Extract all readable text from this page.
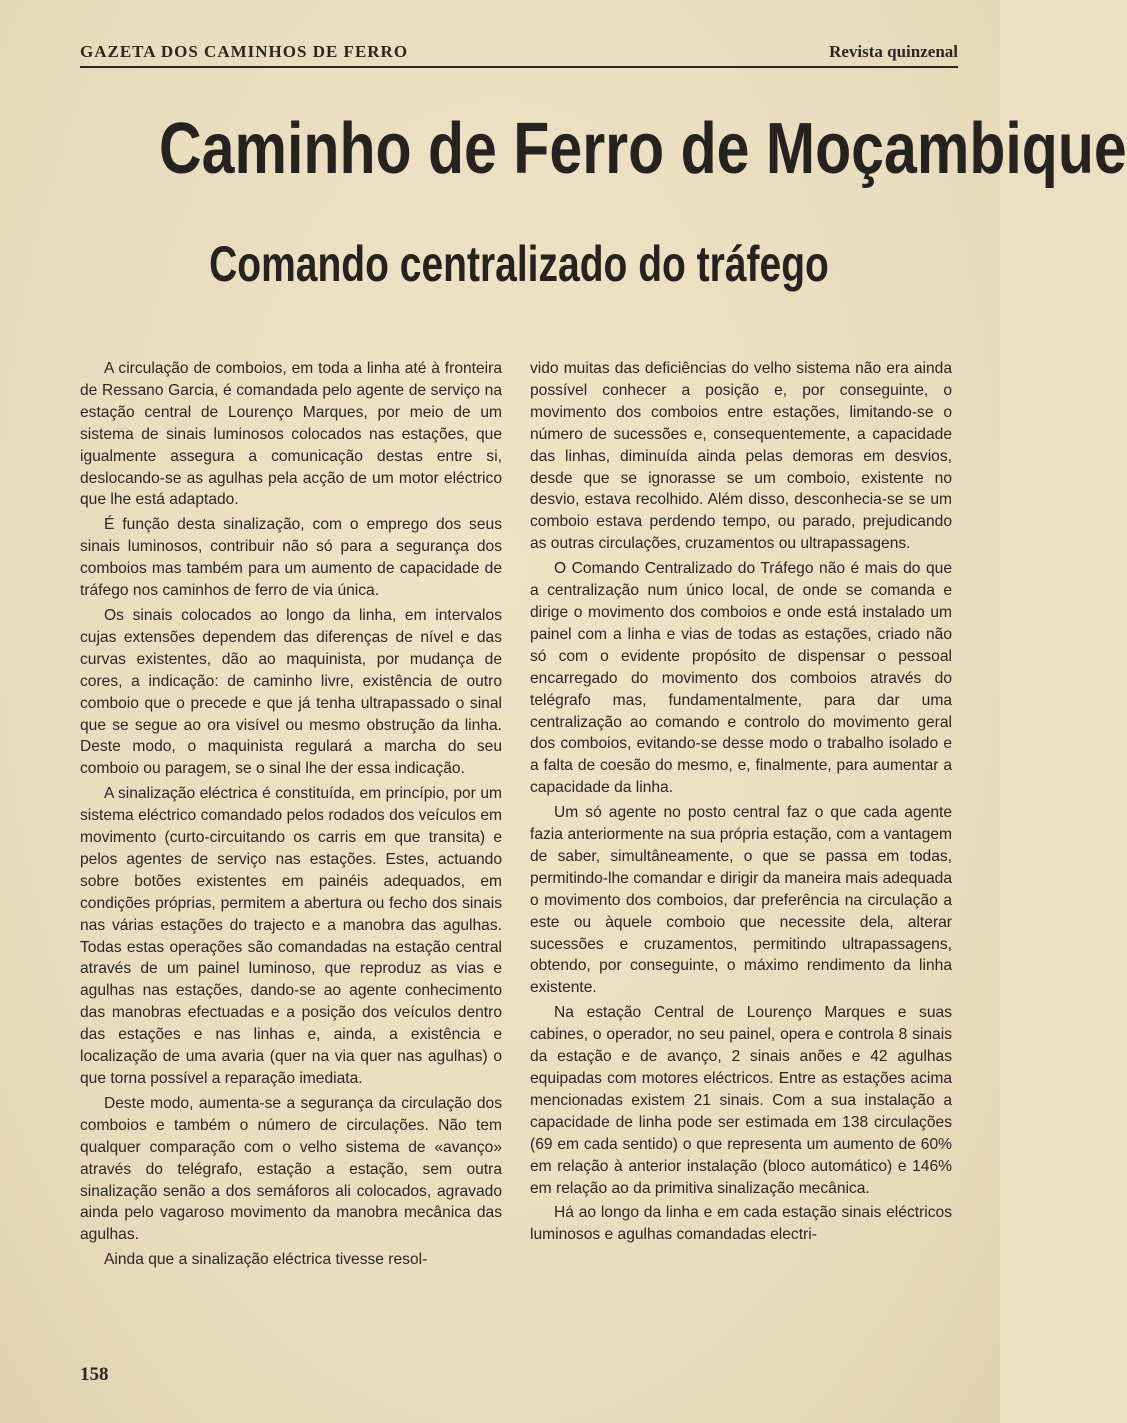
GAZETA DOS CAMINHOS DE FERRO	Revista quinzenal
Caminho de Ferro de Moçambique
Comando centralizado do tráfego

A circulação de comboios, em toda a linha até à fronteira de Ressano Garcia, é comandada pelo agente de serviço na estação central de Lourenço Marques, por meio de um sistema de sinais luminosos colocados nas estações, que igualmente assegura a comunicação destas entre si, deslocando-se as agulhas pela acção de um motor eléctrico que lhe está adaptado.

É função desta sinalização, com o emprego dos seus sinais luminosos, contribuir não só para a segurança dos comboios mas também para um aumento de capacidade de tráfego nos caminhos de ferro de via única.

Os sinais colocados ao longo da linha, em intervalos cujas extensões dependem das diferenças de nível e das curvas existentes, dão ao maquinista, por mudança de cores, a indicação: de caminho livre, existência de outro comboio que o precede e que já tenha ultrapassado o sinal que se segue ao ora visível ou mesmo obstrução da linha. Deste modo, o maquinista regulará a marcha do seu comboio ou paragem, se o sinal lhe der essa indicação.

A sinalização eléctrica é constituída, em princípio, por um sistema eléctrico comandado pelos rodados dos veículos em movimento (curto-circuitando os carris em que transita) e pelos agentes de serviço nas estações. Estes, actuando sobre botões existentes em painéis adequados, em condições próprias, permitem a abertura ou fecho dos sinais nas várias estações do trajecto e a manobra das agulhas. Todas estas operações são comandadas na estação central através de um painel luminoso, que reproduz as vias e agulhas nas estações, dando-se ao agente conhecimento das manobras efectuadas e a posição dos veículos dentro das estações e nas linhas e, ainda, a existência e localização de uma avaria (quer na via quer nas agulhas) o que torna possível a reparação imediata.

Deste modo, aumenta-se a segurança da circulação dos comboios e também o número de circulações. Não tem qualquer comparação com o velho sistema de «avanço» através do telégrafo, estação a estação, sem outra sinalização senão a dos semáforos ali colocados, agravado ainda pelo vagaroso movimento da manobra mecânica das agulhas.

Ainda que a sinalização eléctrica tivesse resol-

vido muitas das deficiências do velho sistema não era ainda possível conhecer a posição e, por conseguinte, o movimento dos comboios entre estações, limitando-se o número de sucessões e, consequentemente, a capacidade das linhas, diminuída ainda pelas demoras em desvios, desde que se ignorasse se um comboio, existente no desvio, estava recolhido. Além disso, desconhecia-se se um comboio estava perdendo tempo, ou parado, prejudicando as outras circulações, cruzamentos ou ultrapassagens.

O Comando Centralizado do Tráfego não é mais do que a centralização num único local, de onde se comanda e dirige o movimento dos comboios e onde está instalado um painel com a linha e vias de todas as estações, criado não só com o evidente propósito de dispensar o pessoal encarregado do movimento dos comboios através do telégrafo mas, fundamentalmente, para dar uma centralização ao comando e controlo do movimento geral dos comboios, evitando-se desse modo o trabalho isolado e a falta de coesão do mesmo, e, finalmente, para aumentar a capacidade da linha.

Um só agente no posto central faz o que cada agente fazia anteriormente na sua própria estação, com a vantagem de saber, simultâneamente, o que se passa em todas, permitindo-lhe comandar e dirigir da maneira mais adequada o movimento dos comboios, dar preferência na circulação a este ou àquele comboio que necessite dela, alterar sucessões e cruzamentos, permitindo ultrapassagens, obtendo, por conseguinte, o máximo rendimento da linha existente.

Na estação Central de Lourenço Marques e suas cabines, o operador, no seu painel, opera e controla 8 sinais da estação e de avanço, 2 sinais anões e 42 agulhas equipadas com motores eléctricos. Entre as estações acima mencionadas existem 21 sinais. Com a sua instalação a capacidade de linha pode ser estimada em 138 circulações (69 em cada sentido) o que representa um aumento de 60% em relação à anterior instalação (bloco automático) e 146% em relação ao da primitiva sinalização mecânica.

Há ao longo da linha e em cada estação sinais eléctricos luminosos e agulhas comandadas electri-

158
